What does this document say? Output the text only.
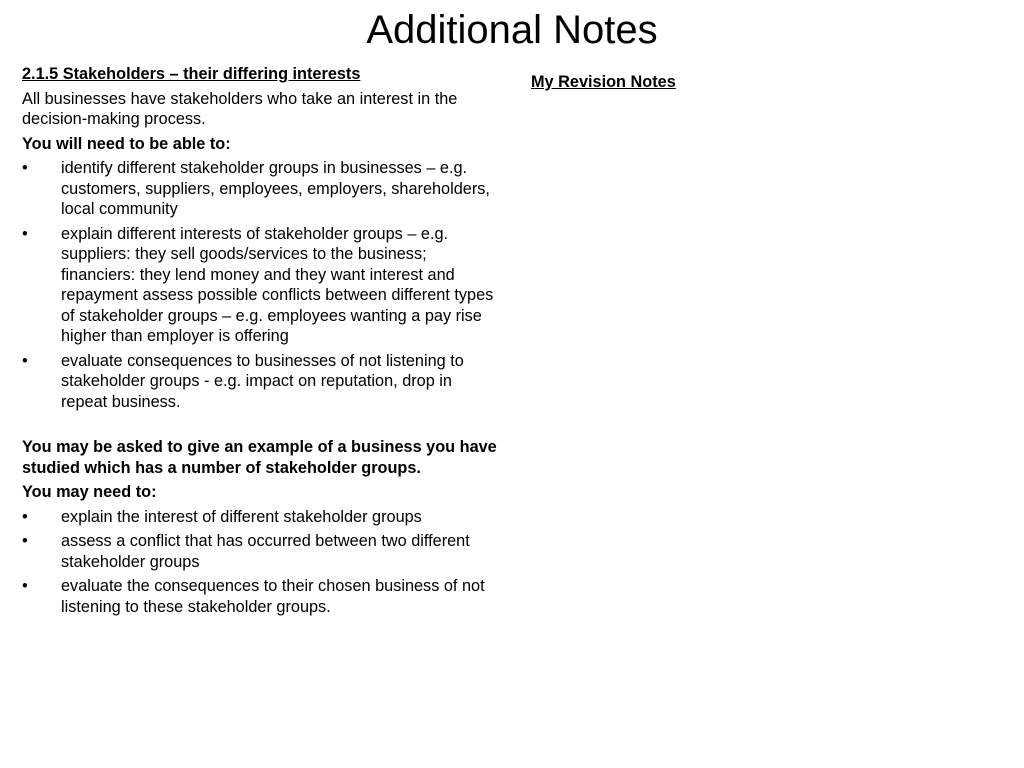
Additional Notes
2.1.5 Stakeholders – their differing interests
All businesses have stakeholders who take an interest in the decision-making process.
You will need to be able to:
•	identify different stakeholder groups in businesses – e.g. customers, suppliers, employees, employers, shareholders, local community
•	explain different interests of stakeholder groups – e.g. suppliers: they sell goods/services to the business; financiers: they lend money and they want interest and repayment assess possible conflicts between different types of stakeholder groups – e.g. employees wanting a pay rise higher than employer is offering
•	evaluate consequences to businesses of not listening to stakeholder groups - e.g. impact on reputation, drop in repeat business.
You may be asked to give an example of a business you have studied which has a number of stakeholder groups.
You may need to:
•	explain the interest of different stakeholder groups
•	assess a conflict that has occurred between two different stakeholder groups
•	evaluate the consequences to their chosen business of not listening to these stakeholder groups.
My Revision Notes
